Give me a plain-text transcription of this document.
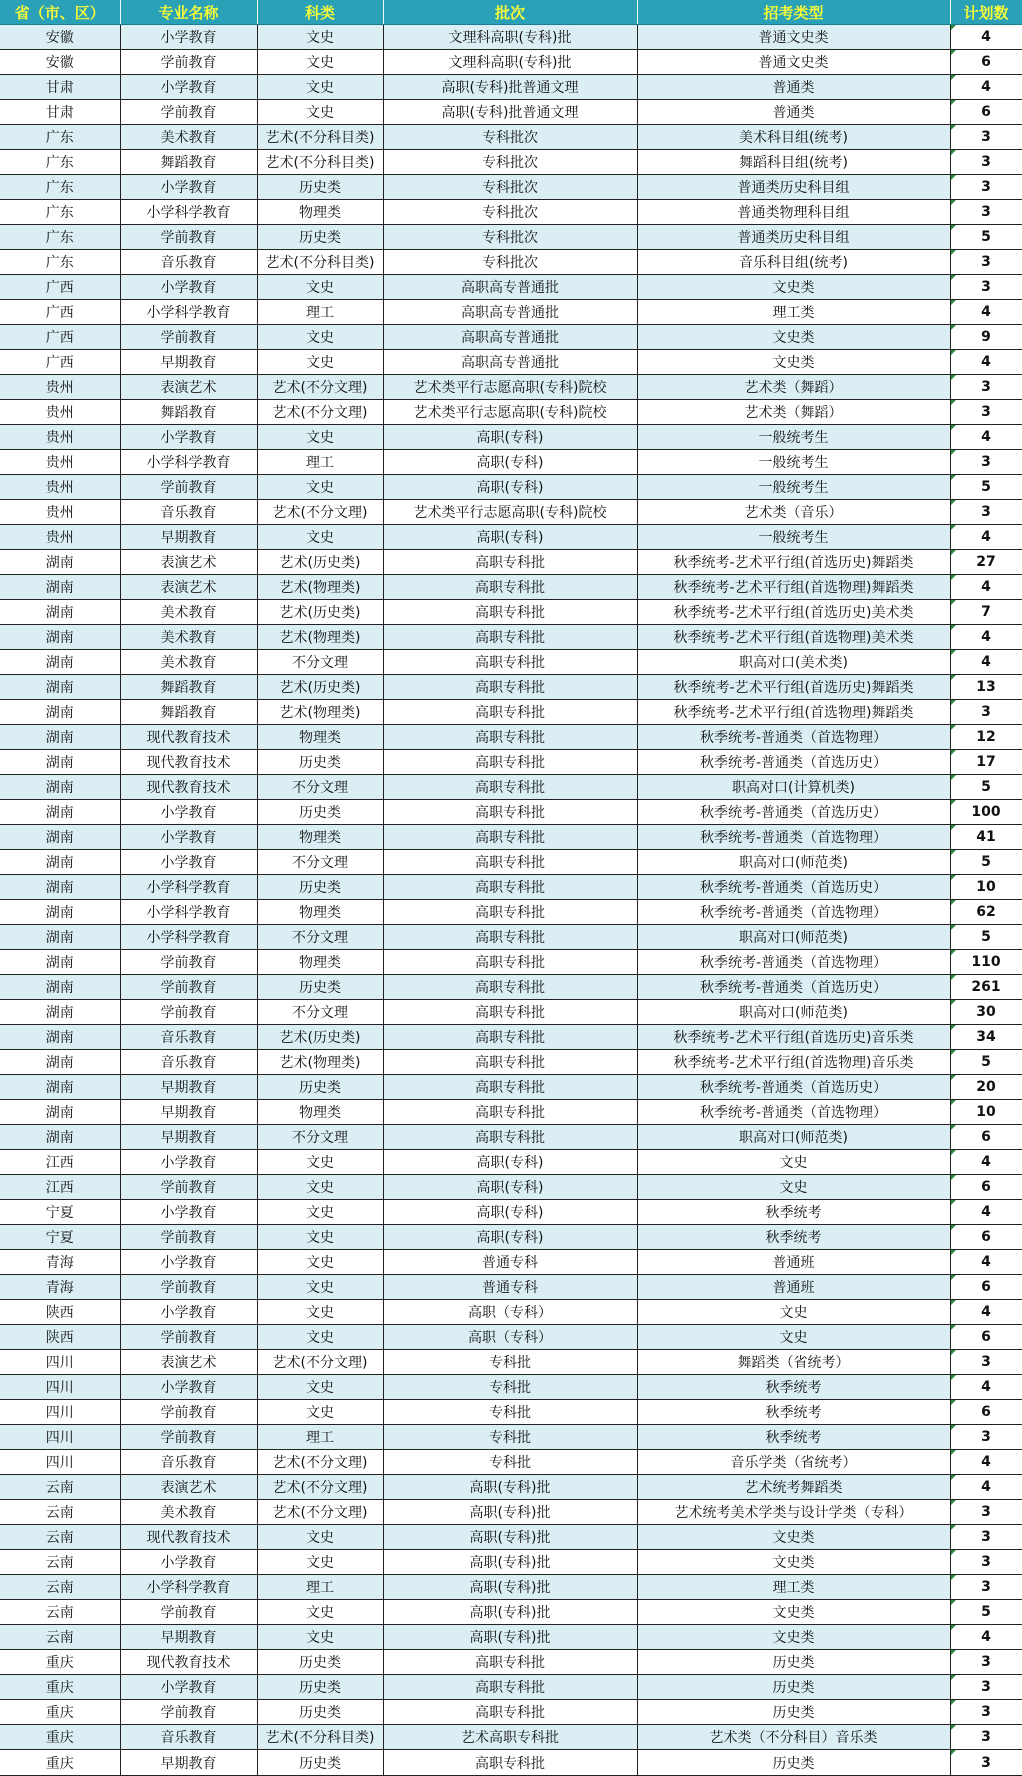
省（市、区）	专业名称	科类	批次	招考类型	计划数
安徽	小学教育	文史	文理科高职(专科)批	普通文史类	4
安徽	学前教育	文史	文理科高职(专科)批	普通文史类	6
甘肃	小学教育	文史	高职(专科)批普通文理	普通类	4
甘肃	学前教育	文史	高职(专科)批普通文理	普通类	6
广东	美术教育	艺术(不分科目类)	专科批次	美术科目组(统考)	3
广东	舞蹈教育	艺术(不分科目类)	专科批次	舞蹈科目组(统考)	3
广东	小学教育	历史类	专科批次	普通类历史科目组	3
广东	小学科学教育	物理类	专科批次	普通类物理科目组	3
广东	学前教育	历史类	专科批次	普通类历史科目组	5
广东	音乐教育	艺术(不分科目类)	专科批次	音乐科目组(统考)	3
广西	小学教育	文史	高职高专普通批	文史类	3
广西	小学科学教育	理工	高职高专普通批	理工类	4
广西	学前教育	文史	高职高专普通批	文史类	9
广西	早期教育	文史	高职高专普通批	文史类	4
贵州	表演艺术	艺术(不分文理)	艺术类平行志愿高职(专科)院校	艺术类（舞蹈）	3
贵州	舞蹈教育	艺术(不分文理)	艺术类平行志愿高职(专科)院校	艺术类（舞蹈）	3
贵州	小学教育	文史	高职(专科)	一般统考生	4
贵州	小学科学教育	理工	高职(专科)	一般统考生	3
贵州	学前教育	文史	高职(专科)	一般统考生	5
贵州	音乐教育	艺术(不分文理)	艺术类平行志愿高职(专科)院校	艺术类（音乐）	3
贵州	早期教育	文史	高职(专科)	一般统考生	4
湖南	表演艺术	艺术(历史类)	高职专科批	秋季统考-艺术平行组(首选历史)舞蹈类	27
湖南	表演艺术	艺术(物理类)	高职专科批	秋季统考-艺术平行组(首选物理)舞蹈类	4
湖南	美术教育	艺术(历史类)	高职专科批	秋季统考-艺术平行组(首选历史)美术类	7
湖南	美术教育	艺术(物理类)	高职专科批	秋季统考-艺术平行组(首选物理)美术类	4
湖南	美术教育	不分文理	高职专科批	职高对口(美术类)	4
湖南	舞蹈教育	艺术(历史类)	高职专科批	秋季统考-艺术平行组(首选历史)舞蹈类	13
湖南	舞蹈教育	艺术(物理类)	高职专科批	秋季统考-艺术平行组(首选物理)舞蹈类	3
湖南	现代教育技术	物理类	高职专科批	秋季统考-普通类（首选物理）	12
湖南	现代教育技术	历史类	高职专科批	秋季统考-普通类（首选历史）	17
湖南	现代教育技术	不分文理	高职专科批	职高对口(计算机类)	5
湖南	小学教育	历史类	高职专科批	秋季统考-普通类（首选历史）	100
湖南	小学教育	物理类	高职专科批	秋季统考-普通类（首选物理）	41
湖南	小学教育	不分文理	高职专科批	职高对口(师范类)	5
湖南	小学科学教育	历史类	高职专科批	秋季统考-普通类（首选历史）	10
湖南	小学科学教育	物理类	高职专科批	秋季统考-普通类（首选物理）	62
湖南	小学科学教育	不分文理	高职专科批	职高对口(师范类)	5
湖南	学前教育	物理类	高职专科批	秋季统考-普通类（首选物理）	110
湖南	学前教育	历史类	高职专科批	秋季统考-普通类（首选历史）	261
湖南	学前教育	不分文理	高职专科批	职高对口(师范类)	30
湖南	音乐教育	艺术(历史类)	高职专科批	秋季统考-艺术平行组(首选历史)音乐类	34
湖南	音乐教育	艺术(物理类)	高职专科批	秋季统考-艺术平行组(首选物理)音乐类	5
湖南	早期教育	历史类	高职专科批	秋季统考-普通类（首选历史）	20
湖南	早期教育	物理类	高职专科批	秋季统考-普通类（首选物理）	10
湖南	早期教育	不分文理	高职专科批	职高对口(师范类)	6
江西	小学教育	文史	高职(专科)	文史	4
江西	学前教育	文史	高职(专科)	文史	6
宁夏	小学教育	文史	高职(专科)	秋季统考	4
宁夏	学前教育	文史	高职(专科)	秋季统考	6
青海	小学教育	文史	普通专科	普通班	4
青海	学前教育	文史	普通专科	普通班	6
陕西	小学教育	文史	高职（专科）	文史	4
陕西	学前教育	文史	高职（专科）	文史	6
四川	表演艺术	艺术(不分文理)	专科批	舞蹈类（省统考）	3
四川	小学教育	文史	专科批	秋季统考	4
四川	学前教育	文史	专科批	秋季统考	6
四川	学前教育	理工	专科批	秋季统考	3
四川	音乐教育	艺术(不分文理)	专科批	音乐学类（省统考）	4
云南	表演艺术	艺术(不分文理)	高职(专科)批	艺术统考舞蹈类	4
云南	美术教育	艺术(不分文理)	高职(专科)批	艺术统考美术学类与设计学类（专科）	3
云南	现代教育技术	文史	高职(专科)批	文史类	3
云南	小学教育	文史	高职(专科)批	文史类	3
云南	小学科学教育	理工	高职(专科)批	理工类	3
云南	学前教育	文史	高职(专科)批	文史类	5
云南	早期教育	文史	高职(专科)批	文史类	4
重庆	现代教育技术	历史类	高职专科批	历史类	3
重庆	小学教育	历史类	高职专科批	历史类	3
重庆	学前教育	历史类	高职专科批	历史类	3
重庆	音乐教育	艺术(不分科目类)	艺术高职专科批	艺术类（不分科目）音乐类	3
重庆	早期教育	历史类	高职专科批	历史类	3
